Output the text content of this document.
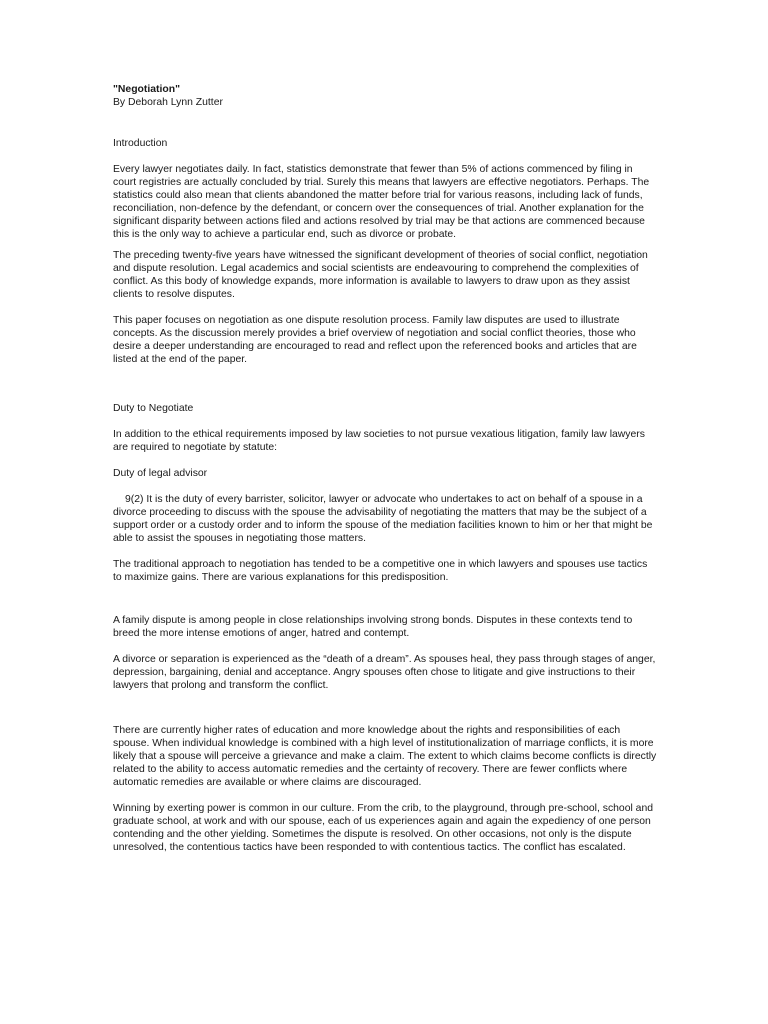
"Negotiation"

By Deborah Lynn Zutter

Introduction

Every lawyer negotiates daily. In fact, statistics demonstrate that fewer than 5% of actions commenced by filing in court registries are actually concluded by trial. Surely this means that lawyers are effective negotiators. Perhaps. The statistics could also mean that clients abandoned the matter before trial for various reasons, including lack of funds, reconciliation, non-defence by the defendant, or concern over the consequences of trial. Another explanation for the significant disparity between actions filed and actions resolved by trial may be that actions are commenced because this is the only way to achieve a particular end, such as divorce or probate.

The preceding twenty-five years have witnessed the significant development of theories of social conflict, negotiation and dispute resolution. Legal academics and social scientists are endeavouring to comprehend the complexities of conflict. As this body of knowledge expands, more information is available to lawyers to draw upon as they assist clients to resolve disputes.

This paper focuses on negotiation as one dispute resolution process. Family law disputes are used to illustrate concepts. As the discussion merely provides a brief overview of negotiation and social conflict theories, those who desire a deeper understanding are encouraged to read and reflect upon the referenced books and articles that are listed at the end of the paper.

Duty to Negotiate

In addition to the ethical requirements imposed by law societies to not pursue vexatious litigation, family law lawyers are required to negotiate by statute:

Duty of legal advisor

9(2) It is the duty of every barrister, solicitor, lawyer or advocate who undertakes to act on behalf of a spouse in a divorce proceeding to discuss with the spouse the advisability of negotiating the matters that may be the subject of a support order or a custody order and to inform the spouse of the mediation facilities known to him or her that might be able to assist the spouses in negotiating those matters.

The traditional approach to negotiation has tended to be a competitive one in which lawyers and spouses use tactics to maximize gains. There are various explanations for this predisposition.

A family dispute is among people in close relationships involving strong bonds. Disputes in these contexts tend to breed the more intense emotions of anger, hatred and contempt.

A divorce or separation is experienced as the “death of a dream”. As spouses heal, they pass through stages of anger, depression, bargaining, denial and acceptance. Angry spouses often chose to litigate and give instructions to their lawyers that prolong and transform the conflict.

There are currently higher rates of education and more knowledge about the rights and responsibilities of each spouse. When individual knowledge is combined with a high level of institutionalization of marriage conflicts, it is more likely that a spouse will perceive a grievance and make a claim. The extent to which claims become conflicts is directly related to the ability to access automatic remedies and the certainty of recovery. There are fewer conflicts where automatic remedies are available or where claims are discouraged.

Winning by exerting power is common in our culture. From the crib, to the playground, through pre-school, school and graduate school, at work and with our spouse, each of us experiences again and again the expediency of one person contending and the other yielding. Sometimes the dispute is resolved. On other occasions, not only is the dispute unresolved, the contentious tactics have been responded to with contentious tactics. The conflict has escalated.
